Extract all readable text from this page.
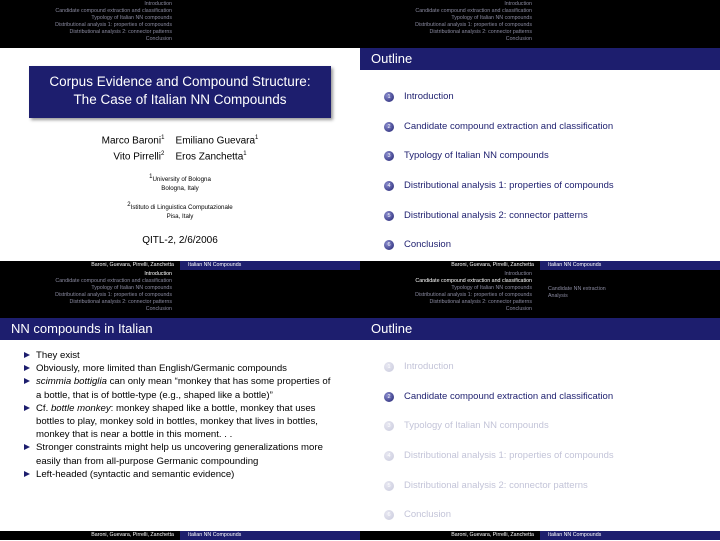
Introduction
Candidate compound extraction and classification
Typology of Italian NN compounds
Distributional analysis 1: properties of compounds
Distributional analysis 2: connector patterns
Conclusion
Corpus Evidence and Compound Structure:
The Case of Italian NN Compounds
Marco Baroni$^1$ Emiliano Guevara$^1$
Vito Pirrelli$^2$ Eros Zanchetta$^1$
$^1$University of Bologna
Bologna, Italy
$^2$Istituto di Linguistica Computazionale
Pisa, Italy
QITL-2, 2/6/2006
Baroni, Guevara, Pirrelli, Zanchetta	Italian NN Compounds
Introduction
Candidate compound extraction and classification
Typology of Italian NN compounds
Distributional analysis 1: properties of compounds
Distributional analysis 2: connector patterns
Conclusion
Outline
1	Introduction
2	Candidate compound extraction and classification
3	Typology of Italian NN compounds
4	Distributional analysis 1: properties of compounds
5	Distributional analysis 2: connector patterns
6	Conclusion
Baroni, Guevara, Pirrelli, Zanchetta	Italian NN Compounds
Introduction
Candidate compound extraction and classification
Typology of Italian NN compounds
Distributional analysis 1: properties of compounds
Distributional analysis 2: connector patterns
Conclusion
NN compounds in Italian
They exist
Obviously, more limited than English/Germanic compounds
scimmia bottiglia can only mean “monkey that has some properties of a bottle, that is of bottle-type (e.g., shaped like a bottle)”
Cf. bottle monkey: monkey shaped like a bottle, monkey that uses bottles to play, monkey sold in bottles, monkey that lives in bottles, monkey that is near a bottle in this moment. . .
Stronger constraints might help us uncovering generalizations more easily than from all-purpose Germanic compounding
Left-headed (syntactic and semantic evidence)
Baroni, Guevara, Pirrelli, Zanchetta	Italian NN Compounds
Introduction
Candidate compound extraction and classification
Typology of Italian NN compounds
Distributional analysis 1: properties of compounds
Distributional analysis 2: connector patterns
Conclusion
Candidate NN extraction
Analysis
Outline
1	Introduction
2	Candidate compound extraction and classification
3	Typology of Italian NN compounds
4	Distributional analysis 1: properties of compounds
5	Distributional analysis 2: connector patterns
6	Conclusion
Baroni, Guevara, Pirrelli, Zanchetta	Italian NN Compounds
